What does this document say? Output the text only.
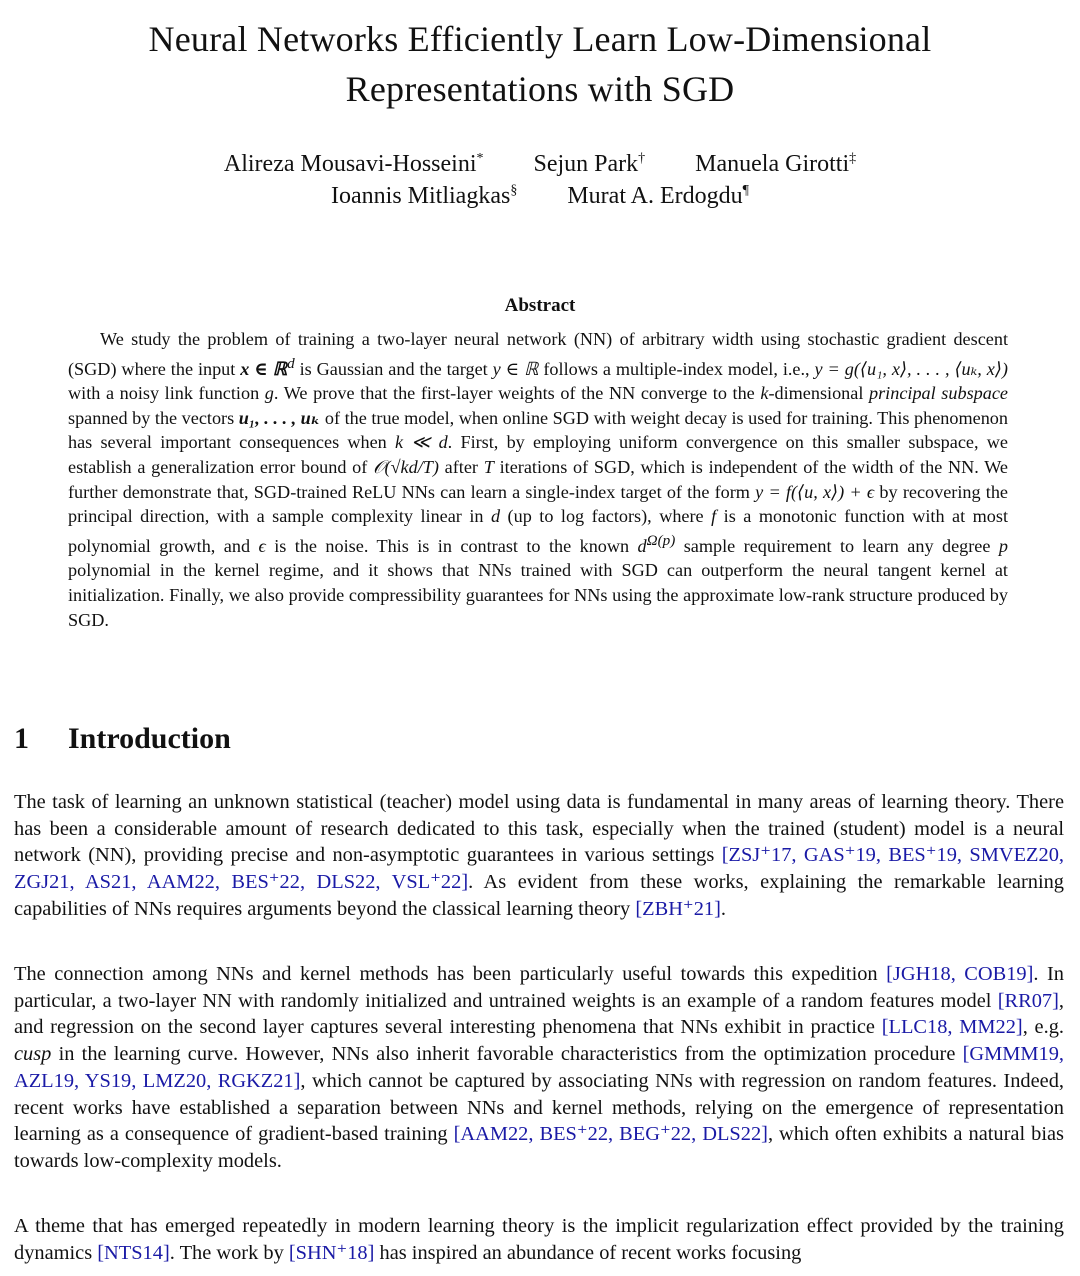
Neural Networks Efficiently Learn Low-Dimensional
Representations with SGD
Alireza Mousavi-Hosseini* Sejun Park† Manuela Girotti‡
Ioannis Mitliagkas§ Murat A. Erdogdu¶
Abstract

We study the problem of training a two-layer neural network (NN) of arbitrary width using stochastic gradient descent (SGD) where the input x ∈ ℝ$^d$ is Gaussian and the target y ∈ ℝ follows a multiple-index model, i.e., y = g(⟨u₁, x⟩, . . . , ⟨uₖ, x⟩) with a noisy link function g. We prove that the first-layer weights of the NN converge to the k-dimensional principal subspace spanned by the vectors u₁, . . . , uₖ of the true model, when online SGD with weight decay is used for training. This phenomenon has several important consequences when k ≪ d. First, by employing uniform convergence on this smaller subspace, we establish a generalization error bound of 𝒪(√kd/T) after T iterations of SGD, which is independent of the width of the NN. We further demonstrate that, SGD-trained ReLU NNs can learn a single-index target of the form y = f(⟨u, x⟩) + ϵ by recovering the principal direction, with a sample complexity linear in d (up to log factors), where f is a monotonic function with at most polynomial growth, and ϵ is the noise. This is in contrast to the known $d^{\Omega(p)}$ sample requirement to learn any degree p polynomial in the kernel regime, and it shows that NNs trained with SGD can outperform the neural tangent kernel at initialization. Finally, we also provide compressibility guarantees for NNs using the approximate low-rank structure produced by SGD.

1 Introduction

The task of learning an unknown statistical (teacher) model using data is fundamental in many areas of learning theory. There has been a considerable amount of research dedicated to this task, especially when the trained (student) model is a neural network (NN), providing precise and non-asymptotic guarantees in various settings [ZSJ⁺17, GAS⁺19, BES⁺19, SMVEZ20, ZGJ21, AS21, AAM22, BES⁺22, DLS22, VSL⁺22]. As evident from these works, explaining the remarkable learning capabilities of NNs requires arguments beyond the classical learning theory [ZBH⁺21].

The connection among NNs and kernel methods has been particularly useful towards this expedition [JGH18, COB19]. In particular, a two-layer NN with randomly initialized and untrained weights is an example of a random features model [RR07], and regression on the second layer captures several interesting phenomena that NNs exhibit in practice [LLC18, MM22], e.g. cusp in the learning curve. However, NNs also inherit favorable characteristics from the optimization procedure [GMMM19, AZL19, YS19, LMZ20, RGKZ21], which cannot be captured by associating NNs with regression on random features. Indeed, recent works have established a separation between NNs and kernel methods, relying on the emergence of representation learning as a consequence of gradient-based training [AAM22, BES⁺22, BEG⁺22, DLS22], which often exhibits a natural bias towards low-complexity models.

A theme that has emerged repeatedly in modern learning theory is the implicit regularization effect provided by the training dynamics [NTS14]. The work by [SHN⁺18] has inspired an abundance of recent works focusing
